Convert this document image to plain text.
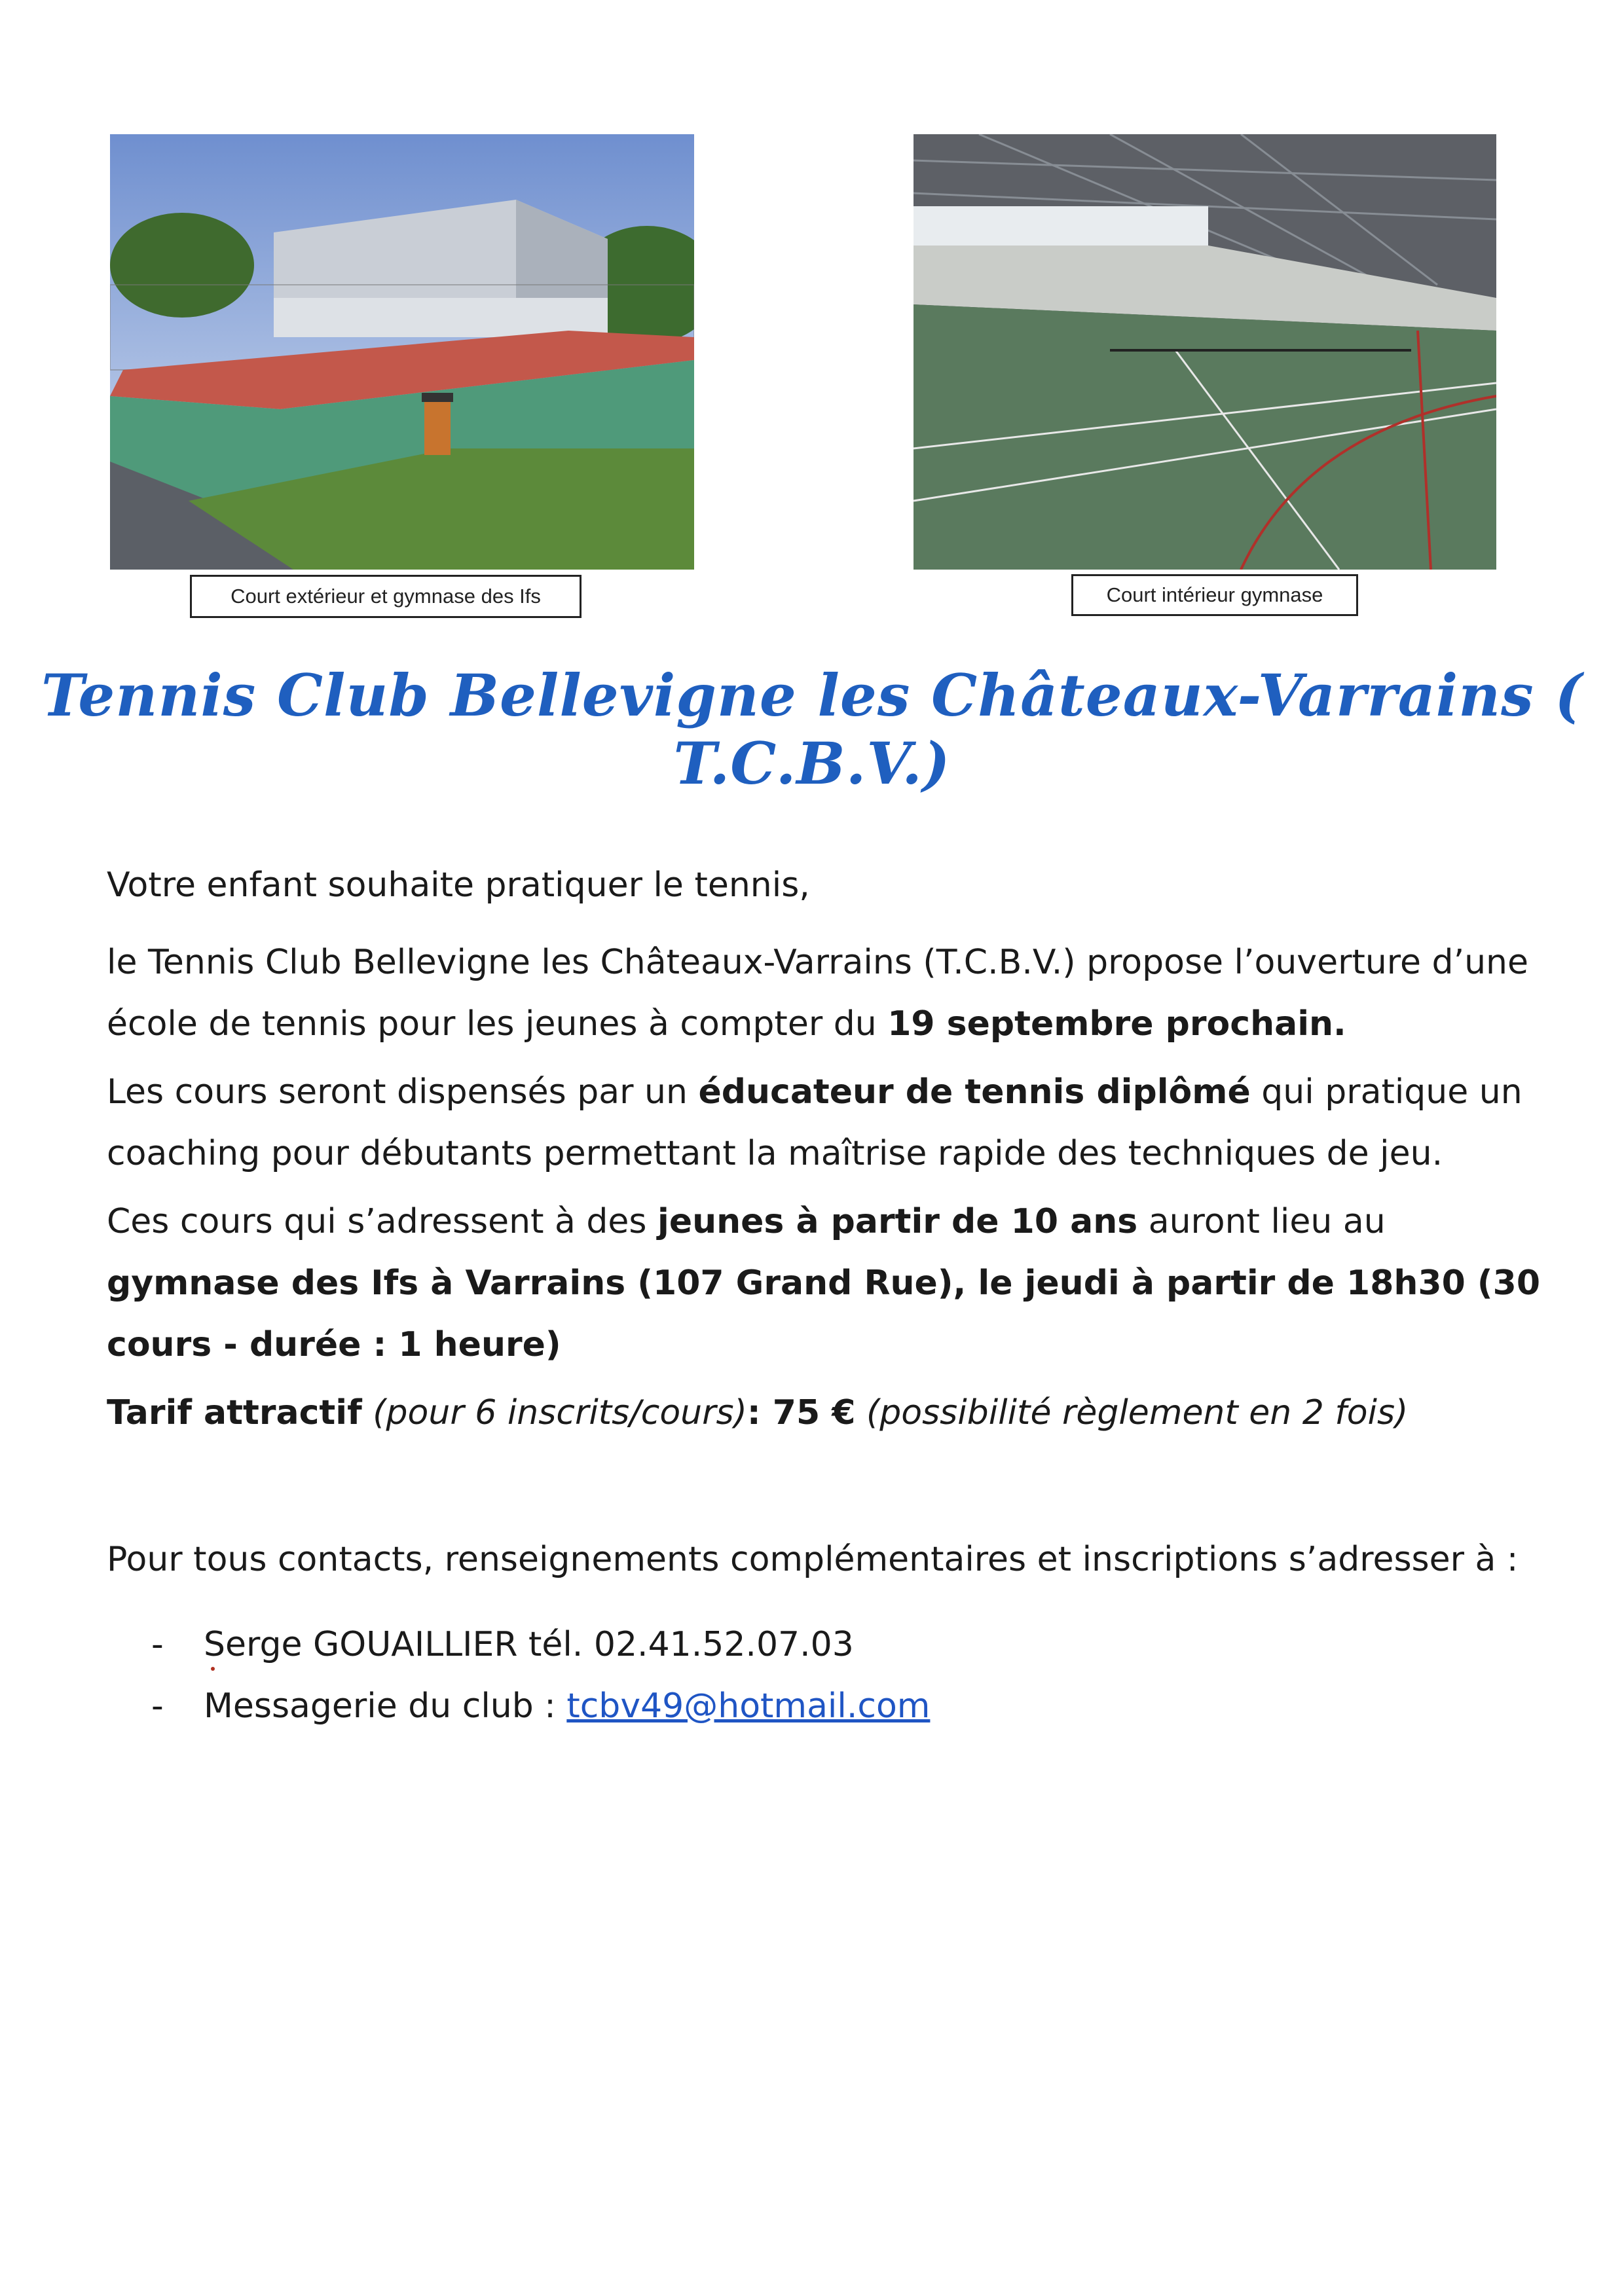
Court extérieur et gymnase des Ifs	Court intérieur gymnase
Tennis Club Bellevigne les Châteaux-Varrains ( T.C.B.V.)

Votre enfant souhaite pratiquer le tennis,

le Tennis Club Bellevigne les Châteaux-Varrains (T.C.B.V.) propose l’ouverture d’une école de tennis pour les jeunes à compter du 19 septembre prochain.

Les cours seront dispensés par un éducateur de tennis diplômé qui pratique un coaching pour débutants permettant la maîtrise rapide des techniques de jeu.

Ces cours qui s’adressent à des jeunes à partir de 10 ans auront lieu au gymnase des Ifs à Varrains (107 Grand Rue), le jeudi à partir de 18h30 (30 cours - durée : 1 heure)

Tarif attractif (pour 6 inscrits/cours): 75 € (possibilité règlement en 2 fois)

Pour tous contacts, renseignements complémentaires et inscriptions s’adresser à :

- Serge GOUAILLIER tél. 02.41.52.07.03
- Messagerie du club : tcbv49@hotmail.com
